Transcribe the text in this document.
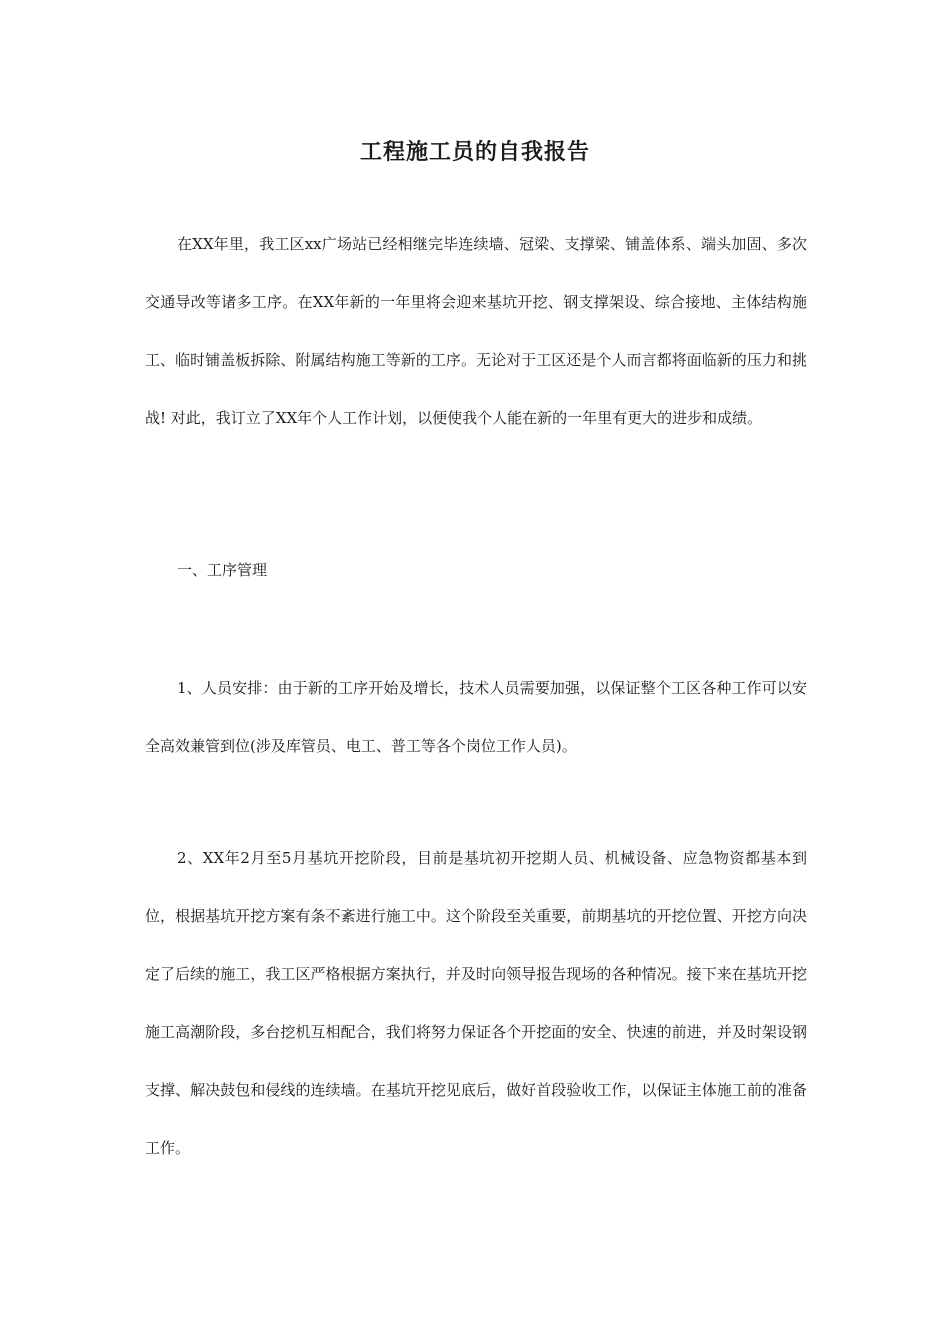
工程施工员的自我报告

在XX年里，我工区xx广场站已经相继完毕连续墙、冠梁、支撑梁、铺盖体系、端头加固、多次交通导改等诸多工序。在XX年新的一年里将会迎来基坑开挖、钢支撑架设、综合接地、主体结构施工、临时铺盖板拆除、附属结构施工等新的工序。无论对于工区还是个人而言都将面临新的压力和挑战! 对此，我订立了XX年个人工作计划，以便使我个人能在新的一年里有更大的进步和成绩。

一、工序管理

1、人员安排：由于新的工序开始及增长，技术人员需要加强，以保证整个工区各种工作可以安全高效兼管到位(涉及库管员、电工、普工等各个岗位工作人员)。

2、XX年2月至5月基坑开挖阶段，目前是基坑初开挖期人员、机械设备、应急物资都基本到位，根据基坑开挖方案有条不紊进行施工中。这个阶段至关重要，前期基坑的开挖位置、开挖方向决定了后续的施工，我工区严格根据方案执行，并及时向领导报告现场的各种情况。接下来在基坑开挖施工高潮阶段，多台挖机互相配合，我们将努力保证各个开挖面的安全、快速的前进，并及时架设钢支撑、解决鼓包和侵线的连续墙。在基坑开挖见底后，做好首段验收工作，以保证主体施工前的准备工作。
